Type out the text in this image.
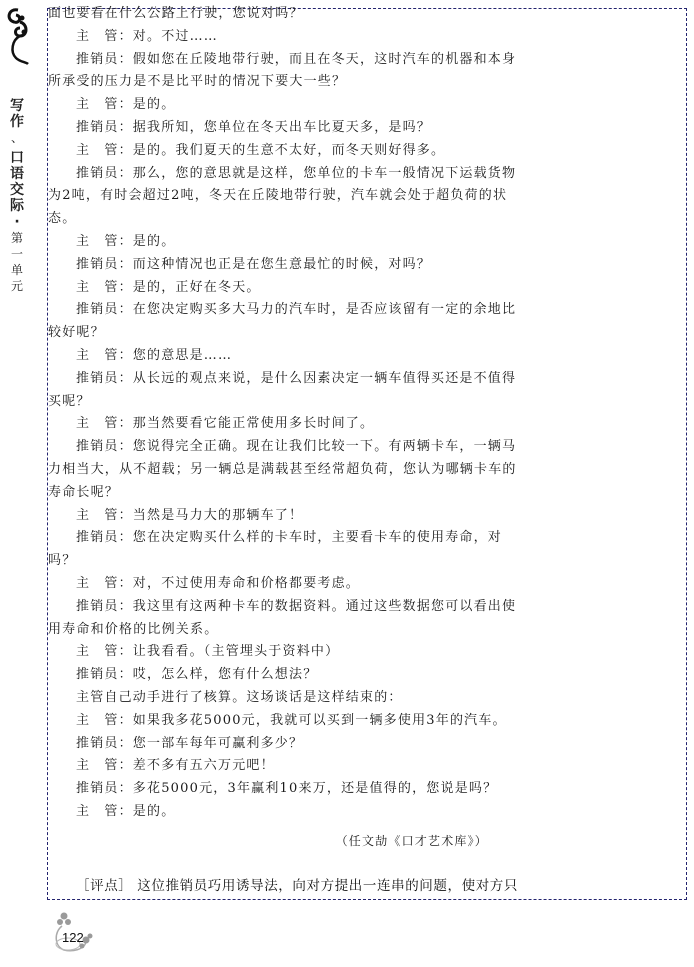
写
作
、
口
语
交
际
·
第
一
单
元
面也要看在什么公路上行驶，您说对吗？
主　管：对。不过……
推销员：假如您在丘陵地带行驶，而且在冬天，这时汽车的机器和本身
所承受的压力是不是比平时的情况下要大一些？
主　管：是的。
推销员：据我所知，您单位在冬天出车比夏天多，是吗？
主　管：是的。我们夏天的生意不太好，而冬天则好得多。
推销员：那么，您的意思就是这样，您单位的卡车一般情况下运载货物
为2吨，有时会超过2吨，冬天在丘陵地带行驶，汽车就会处于超负荷的状
态。
主　管：是的。
推销员：而这种情况也正是在您生意最忙的时候，对吗？
主　管：是的，正好在冬天。
推销员：在您决定购买多大马力的汽车时，是否应该留有一定的余地比
较好呢？
主　管：您的意思是……
推销员：从长远的观点来说，是什么因素决定一辆车值得买还是不值得
买呢？
主　管：那当然要看它能正常使用多长时间了。
推销员：您说得完全正确。现在让我们比较一下。有两辆卡车，一辆马
力相当大，从不超载；另一辆总是满载甚至经常超负荷，您认为哪辆卡车的
寿命长呢？
主　管：当然是马力大的那辆车了！
推销员：您在决定购买什么样的卡车时，主要看卡车的使用寿命，对
吗？
主　管：对，不过使用寿命和价格都要考虑。
推销员：我这里有这两种卡车的数据资料。通过这些数据您可以看出使
用寿命和价格的比例关系。
主　管：让我看看。（主管埋头于资料中）
推销员：哎，怎么样，您有什么想法？
主管自己动手进行了核算。这场谈话是这样结束的：
主　管：如果我多花5000元，我就可以买到一辆多使用3年的汽车。
推销员：您一部车每年可赢利多少？
主　管：差不多有五六万元吧！
推销员：多花5000元，3年赢利10来万，还是值得的，您说是吗？
主　管：是的。
（任文劼《口才艺术库》）
［评点］ 这位推销员巧用诱导法，向对方提出一连串的问题，使对方只
122
